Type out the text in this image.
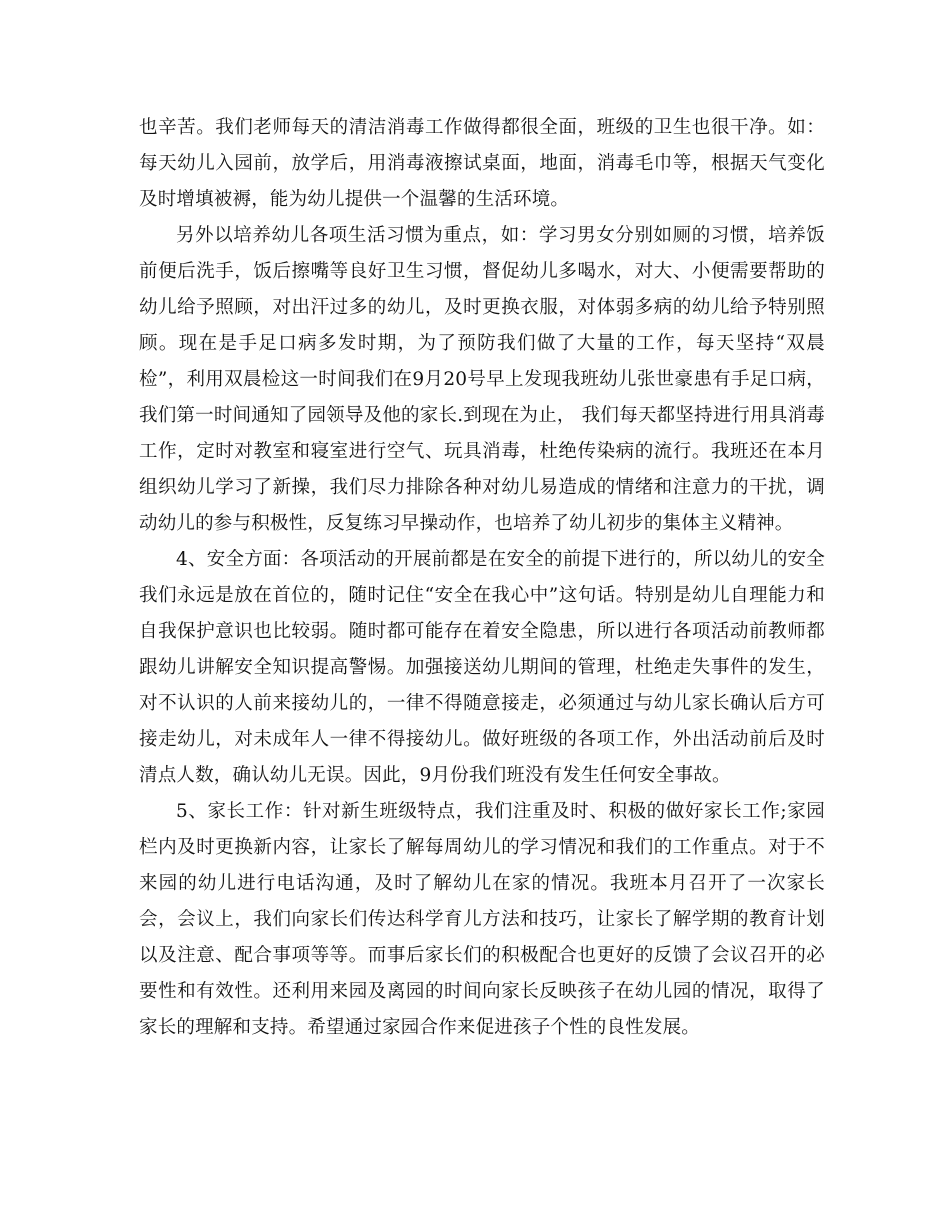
也辛苦。我们老师每天的清洁消毒工作做得都很全面，班级的卫生也很干净。如：每天幼儿入园前，放学后，用消毒液擦试桌面，地面，消毒毛巾等，根据天气变化及时增填被褥，能为幼儿提供一个温馨的生活环境。

另外以培养幼儿各项生活习惯为重点，如：学习男女分别如厕的习惯，培养饭前便后洗手，饭后擦嘴等良好卫生习惯，督促幼儿多喝水，对大、小便需要帮助的幼儿给予照顾，对出汗过多的幼儿，及时更换衣服，对体弱多病的幼儿给予特别照顾。现在是手足口病多发时期，为了预防我们做了大量的工作，每天坚持“双晨检”，利用双晨检这一时间我们在9月20号早上发现我班幼儿张世豪患有手足口病，我们第一时间通知了园领导及他的家长.到现在为止， 我们每天都坚持进行用具消毒工作，定时对教室和寝室进行空气、玩具消毒，杜绝传染病的流行。我班还在本月组织幼儿学习了新操，我们尽力排除各种对幼儿易造成的情绪和注意力的干扰，调动幼儿的参与积极性，反复练习早操动作，也培养了幼儿初步的集体主义精神。

4、安全方面：各项活动的开展前都是在安全的前提下进行的，所以幼儿的安全我们永远是放在首位的，随时记住“安全在我心中”这句话。特别是幼儿自理能力和自我保护意识也比较弱。随时都可能存在着安全隐患，所以进行各项活动前教师都跟幼儿讲解安全知识提高警惕。加强接送幼儿期间的管理，杜绝走失事件的发生，对不认识的人前来接幼儿的，一律不得随意接走，必须通过与幼儿家长确认后方可接走幼儿，对未成年人一律不得接幼儿。做好班级的各项工作，外出活动前后及时清点人数，确认幼儿无误。因此，9月份我们班没有发生任何安全事故。

5、家长工作：针对新生班级特点，我们注重及时、积极的做好家长工作;家园栏内及时更换新内容，让家长了解每周幼儿的学习情况和我们的工作重点。对于不来园的幼儿进行电话沟通，及时了解幼儿在家的情况。我班本月召开了一次家长会，会议上，我们向家长们传达科学育儿方法和技巧，让家长了解学期的教育计划以及注意、配合事项等等。而事后家长们的积极配合也更好的反馈了会议召开的必要性和有效性。还利用来园及离园的时间向家长反映孩子在幼儿园的情况，取得了家长的理解和支持。希望通过家园合作来促进孩子个性的良性发展。
